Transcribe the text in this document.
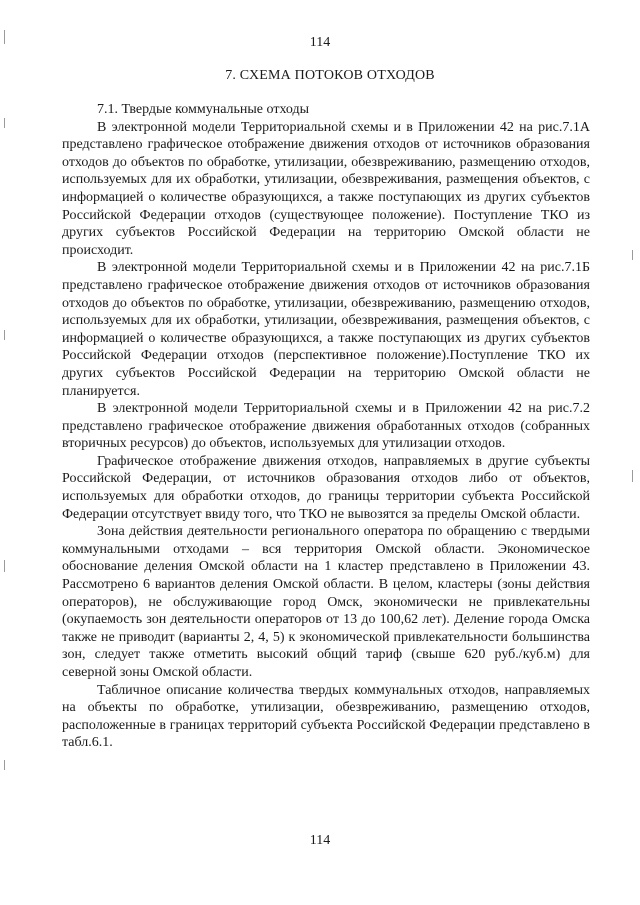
114
7. СХЕМА ПОТОКОВ ОТХОДОВ

7.1. Твердые коммунальные отходы

В электронной модели Территориальной схемы и в Приложении 42 на рис.7.1А представлено графическое отображение движения отходов от источников образования отходов до объектов по обработке, утилизации, обезвреживанию, размещению отходов, используемых для их обработки, утилизации, обезвреживания, размещения объектов, с информацией о количестве образующихся, а также поступающих из других субъектов Российской Федерации отходов (существующее положение). Поступление ТКО из других субъектов Российской Федерации на территорию Омской области не происходит.

В электронной модели Территориальной схемы и в Приложении 42 на рис.7.1Б представлено графическое отображение движения отходов от источников образования отходов до объектов по обработке, утилизации, обезвреживанию, размещению отходов, используемых для их обработки, утилизации, обезвреживания, размещения объектов, с информацией о количестве образующихся, а также поступающих из других субъектов Российской Федерации отходов (перспективное положение).Поступление ТКО их других субъектов Российской Федерации на территорию Омской области не планируется.

В электронной модели Территориальной схемы и в Приложении 42 на рис.7.2 представлено графическое отображение движения обработанных отходов (собранных вторичных ресурсов) до объектов, используемых для утилизации отходов.

Графическое отображение движения отходов, направляемых в другие субъекты Российской Федерации, от источников образования отходов либо от объектов, используемых для обработки отходов, до границы территории субъекта Российской Федерации отсутствует ввиду того, что ТКО не вывозятся за пределы Омской области.

Зона действия деятельности регионального оператора по обращению с твердыми коммунальными отходами – вся территория Омской области. Экономическое обоснование деления Омской области на 1 кластер представлено в Приложении 43. Рассмотрено 6 вариантов деления Омской области. В целом, кластеры (зоны действия операторов), не обслуживающие город Омск, экономически не привлекательны (окупаемость зон деятельности операторов от 13 до 100,62 лет). Деление города Омска также не приводит (варианты 2, 4, 5) к экономической привлекательности большинства зон, следует также отметить высокий общий тариф (свыше 620 руб./куб.м) для северной зоны Омской области.

Табличное описание количества твердых коммунальных отходов, направляемых на объекты по обработке, утилизации, обезвреживанию, размещению отходов, расположенные в границах территорий субъекта Российской Федерации представлено в табл.6.1.

114
